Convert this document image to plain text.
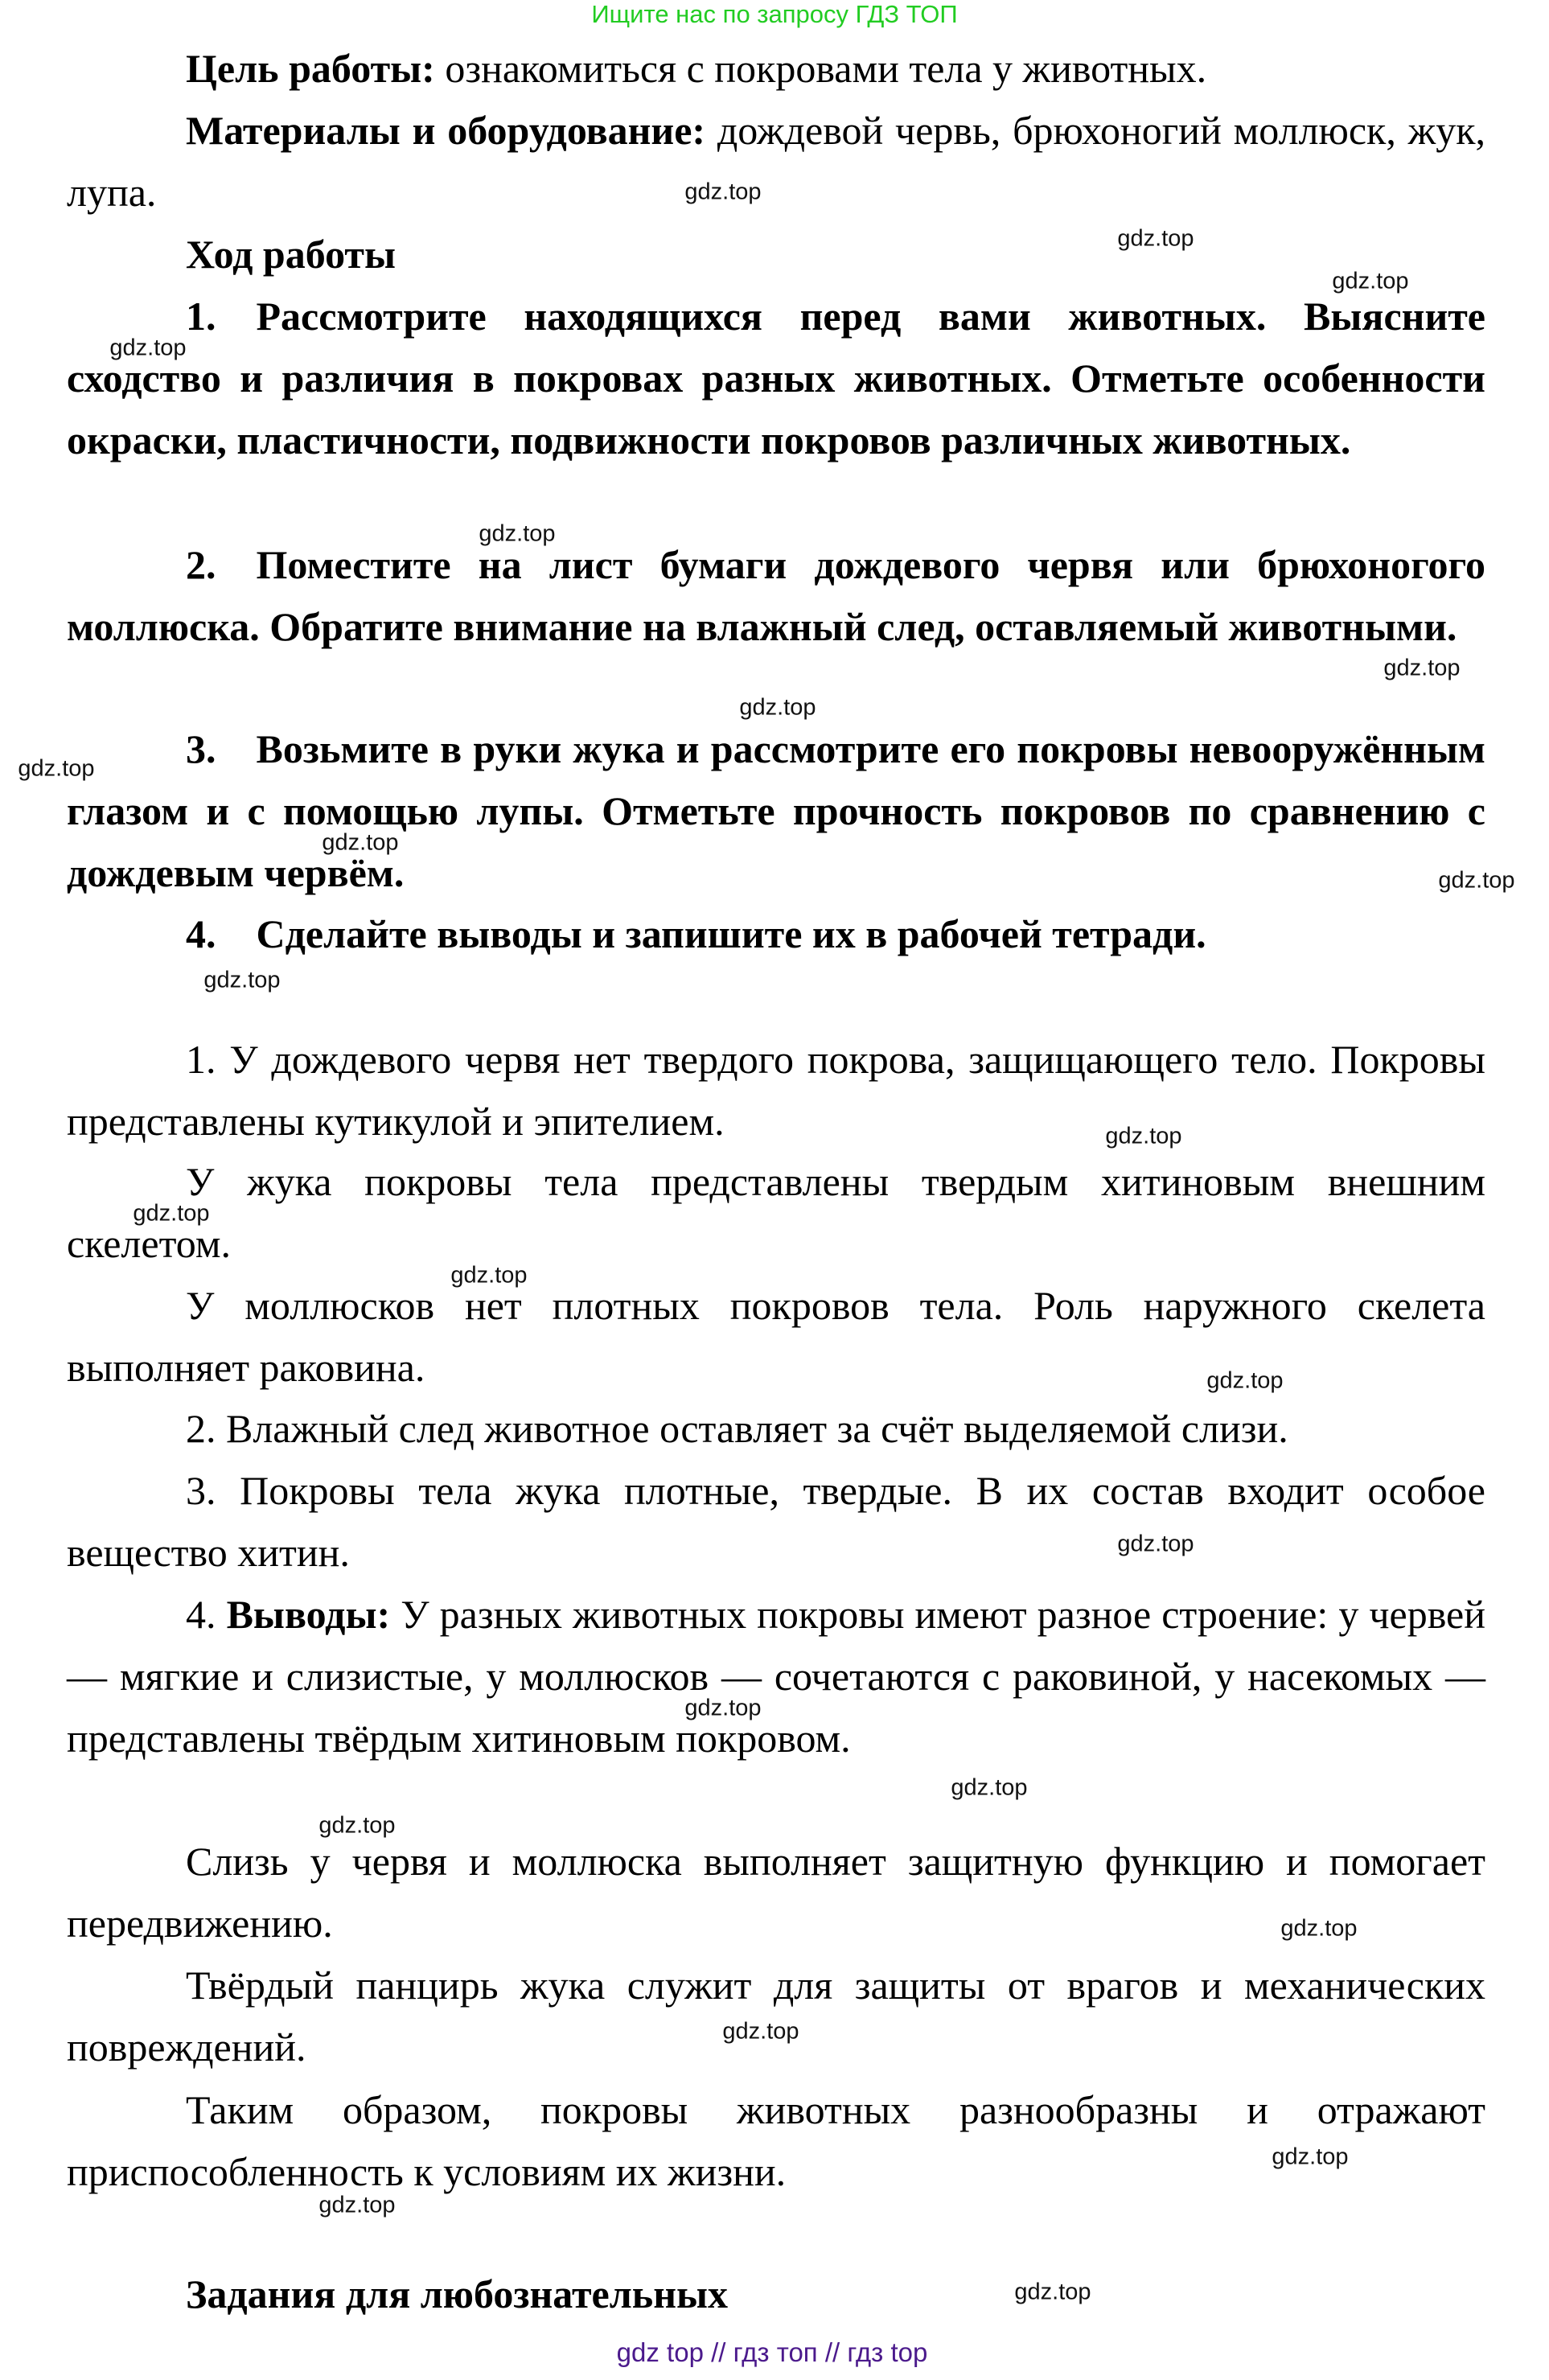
Ищите нас по запросу ГДЗ ТОП

Цель работы: ознакомиться с покровами тела у животных.

Материалы и оборудование: дождевой червь, брюхоногий моллюск, жук, лупа.

Ход работы

1. Рассмотрите находящихся перед вами животных. Выясните сходство и различия в покровах разных животных. Отметьте особенности окраски, пластичности, подвижности покровов различных животных.

2. Поместите на лист бумаги дождевого червя или брюхоногого моллюска. Обратите внимание на влажный след, оставляемый животными.

3. Возьмите в руки жука и рассмотрите его покровы невооружённым глазом и с помощью лупы. Отметьте прочность покровов по сравнению с дождевым червём.

4. Сделайте выводы и запишите их в рабочей тетради.

1. У дождевого червя нет твердого покрова, защищающего тело. Покровы представлены кутикулой и эпителием.

У жука покровы тела представлены твердым хитиновым внешним скелетом.

У моллюсков нет плотных покровов тела. Роль наружного скелета выполняет раковина.

2. Влажный след животное оставляет за счёт выделяемой слизи.

3. Покровы тела жука плотные, твердые. В их состав входит особое вещество хитин.

4. Выводы: У разных животных покровы имеют разное строение: у червей — мягкие и слизистые, у моллюсков — сочетаются с раковиной, у насекомых — представлены твёрдым хитиновым покровом.

Слизь у червя и моллюска выполняет защитную функцию и помогает передвижению.

Твёрдый панцирь жука служит для защиты от врагов и механических повреждений.

Таким образом, покровы животных разнообразны и отражают приспособленность к условиям их жизни.

Задания для любознательных

gdz.top
gdz.top
gdz.top
gdz.top
gdz.top
gdz.top
gdz.top
gdz.top
gdz.top
gdz.top
gdz.top
gdz.top
gdz.top
gdz.top
gdz.top
gdz.top
gdz.top
gdz.top
gdz.top
gdz.top
gdz.top
gdz.top
gdz.top
gdz.top
gdz top // гдз топ // гдз top
